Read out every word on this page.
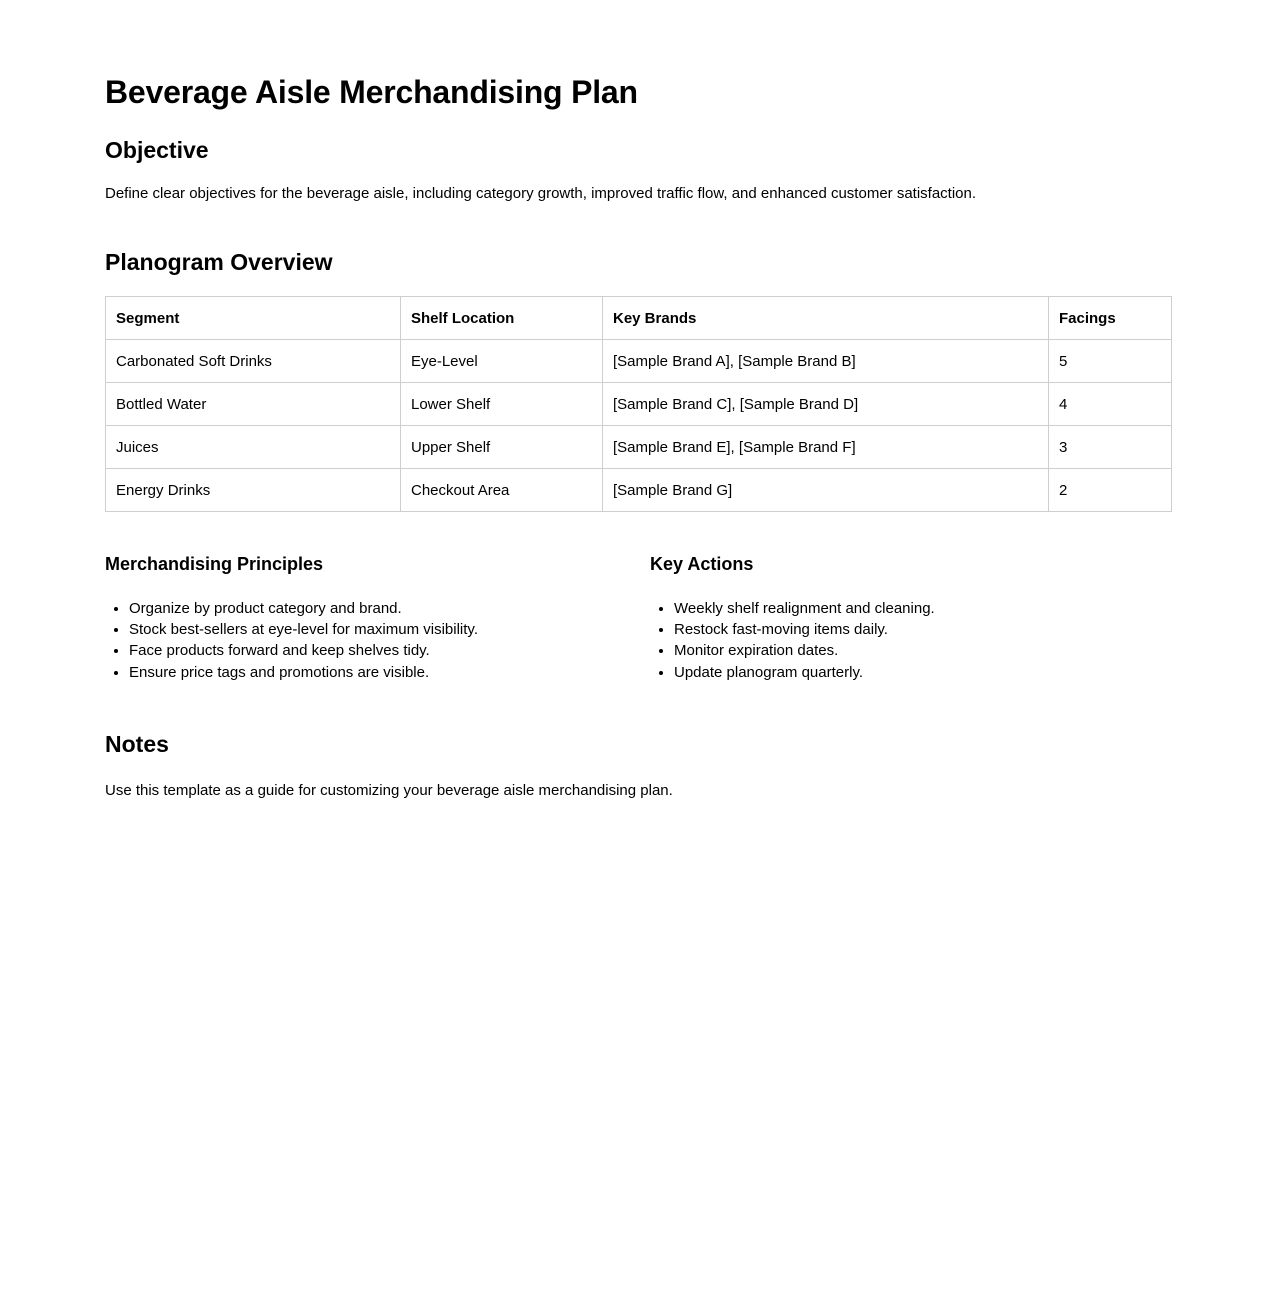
Beverage Aisle Merchandising Plan
Objective

Define clear objectives for the beverage aisle, including category growth, improved traffic flow, and enhanced customer satisfaction.

Planogram Overview
Segment	Shelf Location	Key Brands	Facings
Carbonated Soft Drinks	Eye-Level	[Sample Brand A], [Sample Brand B]	5
Bottled Water	Lower Shelf	[Sample Brand C], [Sample Brand D]	4
Juices	Upper Shelf	[Sample Brand E], [Sample Brand F]	3
Energy Drinks	Checkout Area	[Sample Brand G]	2
Merchandising Principles
• Organize by product category and brand.
• Stock best-sellers at eye-level for maximum visibility.
• Face products forward and keep shelves tidy.
• Ensure price tags and promotions are visible.
Key Actions
• Weekly shelf realignment and cleaning.
• Restock fast-moving items daily.
• Monitor expiration dates.
• Update planogram quarterly.
Notes

Use this template as a guide for customizing your beverage aisle merchandising plan.
